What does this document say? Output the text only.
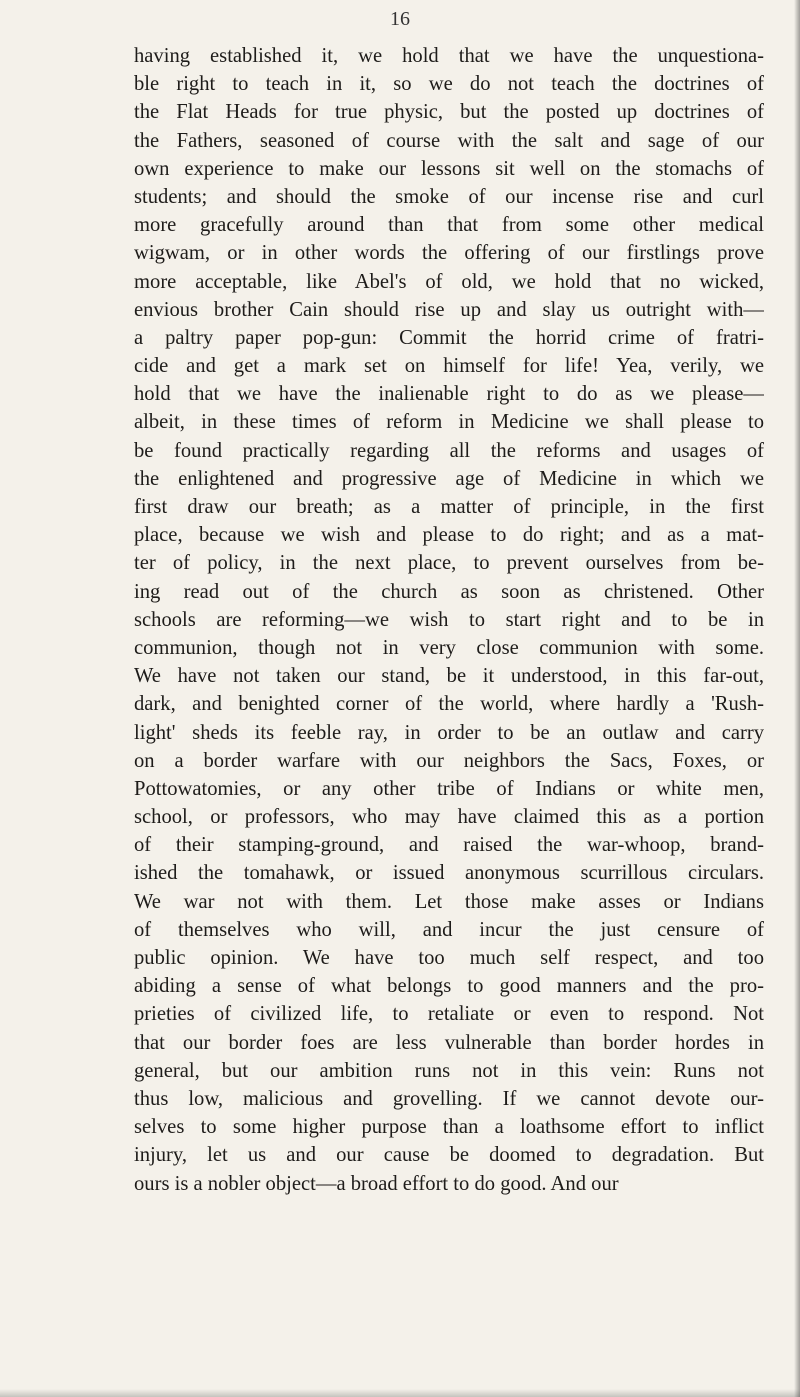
16
having established it, we hold that we have the unquestiona-
ble right to teach in it, so we do not teach the doctrines of
the Flat Heads for true physic, but the posted up doctrines of
the Fathers, seasoned of course with the salt and sage of our
own experience to make our lessons sit well on the stomachs of
students; and should the smoke of our incense rise and curl
more gracefully around than that from some other medical
wigwam, or in other words the offering of our firstlings prove
more acceptable, like Abel's of old, we hold that no wicked,
envious brother Cain should rise up and slay us outright with—
a paltry paper pop-gun: Commit the horrid crime of fratri-
cide and get a mark set on himself for life! Yea, verily, we
hold that we have the inalienable right to do as we please—
albeit, in these times of reform in Medicine we shall please to
be found practically regarding all the reforms and usages of
the enlightened and progressive age of Medicine in which we
first draw our breath; as a matter of principle, in the first
place, because we wish and please to do right; and as a mat-
ter of policy, in the next place, to prevent ourselves from be-
ing read out of the church as soon as christened. Other
schools are reforming—we wish to start right and to be in
communion, though not in very close communion with some.
We have not taken our stand, be it understood, in this far-out,
dark, and benighted corner of the world, where hardly a 'Rush-
light' sheds its feeble ray, in order to be an outlaw and carry
on a border warfare with our neighbors the Sacs, Foxes, or
Pottowatomies, or any other tribe of Indians or white men,
school, or professors, who may have claimed this as a portion
of their stamping-ground, and raised the war-whoop, brand-
ished the tomahawk, or issued anonymous scurrillous circulars.
We war not with them. Let those make asses or Indians
of themselves who will, and incur the just censure of
public opinion. We have too much self respect, and too
abiding a sense of what belongs to good manners and the pro-
prieties of civilized life, to retaliate or even to respond. Not
that our border foes are less vulnerable than border hordes in
general, but our ambition runs not in this vein: Runs not
thus low, malicious and grovelling. If we cannot devote our-
selves to some higher purpose than a loathsome effort to inflict
injury, let us and our cause be doomed to degradation. But
ours is a nobler object—a broad effort to do good. And our
